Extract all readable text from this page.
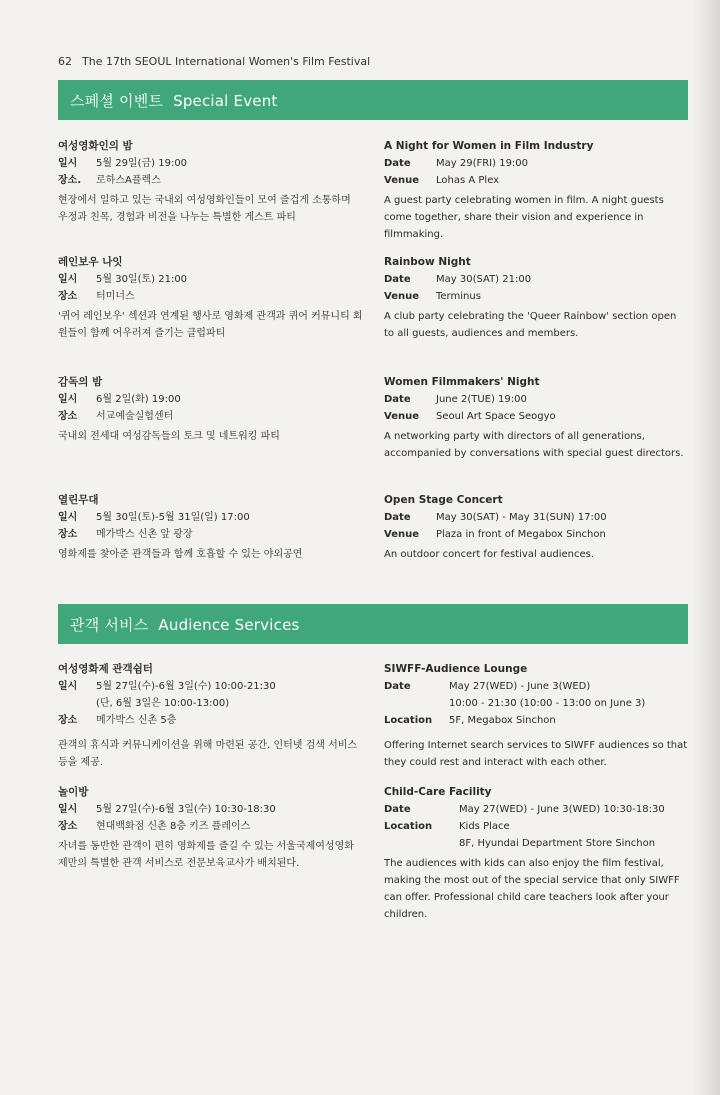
62 The 17th SEOUL International Women's Film Festival
스페셜 이벤트 Special Event
여성영화인의 밤
일시	5월 29일(금) 19:00
장소.	로하스A플렉스
현장에서 일하고 있는 국내외 여성영화인들이 모여 즐겁게 소통하며 우정과 친목, 경험과 비전을 나누는 특별한 게스트 파티
레인보우 나잇
일시	5월 30일(토) 21:00
장소	터미너스
'퀴어 레인보우' 섹션과 연계된 행사로 영화제 관객과 퀴어 커뮤니티 회원들이 함께 어우러져 즐기는 클럽파티
감독의 밤
일시	6월 2일(화) 19:00
장소	서교예술실험센터
국내외 전세대 여성감독들의 토크 및 네트워킹 파티
열린무대
일시	5월 30일(토)-5월 31일(일) 17:00
장소	메가박스 신촌 앞 광장
영화제를 찾아준 관객들과 함께 호흡할 수 있는 야외공연
A Night for Women in Film Industry
Date	May 29(FRI) 19:00
Venue	Lohas A Plex
A guest party celebrating women in film. A night guests come together, share their vision and experience in filmmaking.
Rainbow Night
Date	May 30(SAT) 21:00
Venue	Terminus
A club party celebrating the 'Queer Rainbow' section open to all guests, audiences and members.
Women Filmmakers' Night
Date	June 2(TUE) 19:00
Venue	Seoul Art Space Seogyo
A networking party with directors of all generations, accompanied by conversations with special guest directors.
Open Stage Concert
Date	May 30(SAT) - May 31(SUN) 17:00
Venue	Plaza in front of Megabox Sinchon
An outdoor concert for festival audiences.
관객 서비스 Audience Services
여성영화제 관객쉼터
일시	5월 27일(수)-6월 3일(수) 10:00-21:30
(단, 6월 3일은 10:00-13:00)
장소	메가박스 신촌 5층
관객의 휴식과 커뮤니케이션을 위해 마련된 공간. 인터넷 검색 서비스 등을 제공.
놀이방
일시	5월 27일(수)-6월 3일(수) 10:30-18:30
장소	현대백화점 신촌 8층 키즈 플레이스
자녀를 동반한 관객이 편히 영화제를 즐길 수 있는 서울국제여성영화제만의 특별한 관객 서비스로 전문보육교사가 배치된다.
SIWFF-Audience Lounge
Date	May 27(WED) - June 3(WED)
10:00 - 21:30 (10:00 - 13:00 on June 3)
Location	5F, Megabox Sinchon
Offering Internet search services to SIWFF audiences so that they could rest and interact with each other.
Child-Care Facility
Date	May 27(WED) - June 3(WED) 10:30-18:30
Location	Kids Place
8F, Hyundai Department Store Sinchon
The audiences with kids can also enjoy the film festival, making the most out of the special service that only SIWFF can offer. Professional child care teachers look after your children.
